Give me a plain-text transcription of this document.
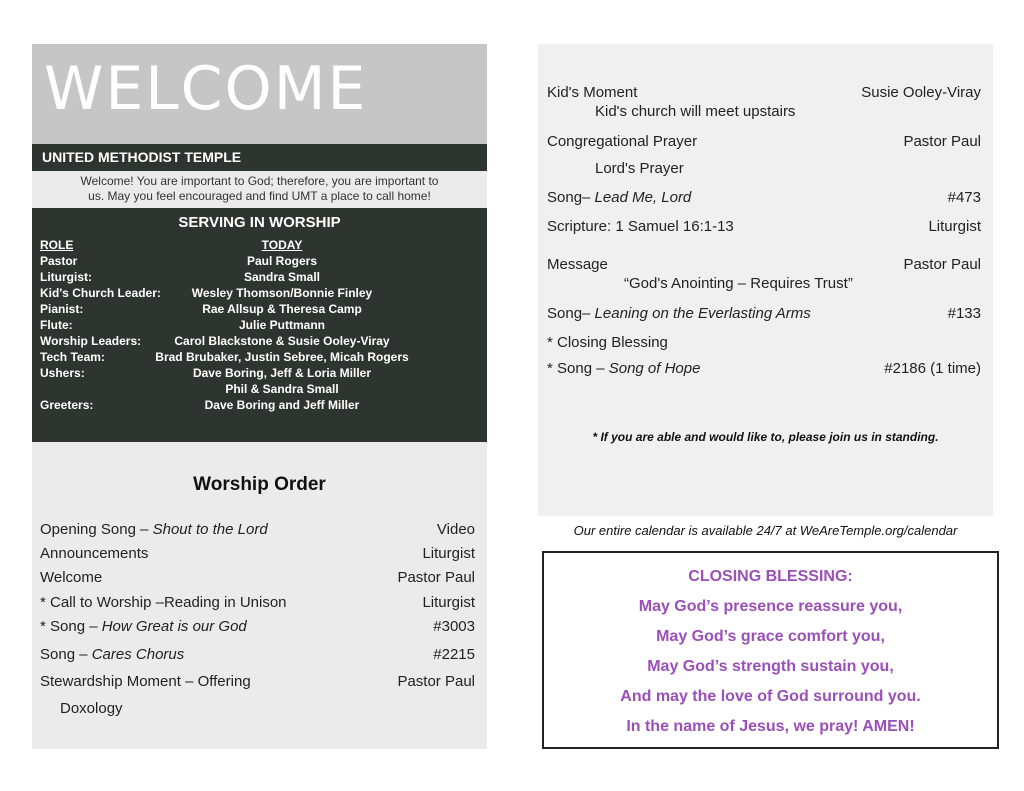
WELCOME
UNITED METHODIST TEMPLE
Welcome! You are important to God; therefore, you are important to
us. May you feel encouraged and find UMT a place to call home!
SERVING IN WORSHIP
ROLE	TODAY
Pastor	Paul Rogers
Liturgist:	Sandra Small
Kid's Church Leader:	Wesley Thomson/Bonnie Finley
Pianist:	Rae Allsup & Theresa Camp
Flute:	Julie Puttmann
Worship Leaders:	Carol Blackstone & Susie Ooley-Viray
Tech Team:	Brad Brubaker, Justin Sebree, Micah Rogers
Ushers:	Dave Boring, Jeff & Loria Miller
Phil & Sandra Small
Greeters:	Dave Boring and Jeff Miller
Worship Order
Opening Song – Shout to the Lord	Video
Announcements	Liturgist
Welcome	Pastor Paul
* Call to Worship –Reading in Unison	Liturgist
* Song – How Great is our God	#3003
Song – Cares Chorus	#2215
Stewardship Moment – Offering	Pastor Paul
Doxology
Kid's Moment	Susie Ooley-Viray
Kid's church will meet upstairs
Congregational Prayer	Pastor Paul
Lord's Prayer
Song– Lead Me, Lord	#473
Scripture: 1 Samuel 16:1-13	Liturgist
Message	Pastor Paul
“God's Anointing – Requires Trust”
Song– Leaning on the Everlasting Arms	#133
* Closing Blessing
* Song – Song of Hope	#2186 (1 time)
* If you are able and would like to, please join us in standing.
Our entire calendar is available 24/7 at WeAreTemple.org/calendar
CLOSING BLESSING:
May God’s presence reassure you,
May God’s grace comfort you,
May God’s strength sustain you,
And may the love of God surround you.
In the name of Jesus, we pray! AMEN!
